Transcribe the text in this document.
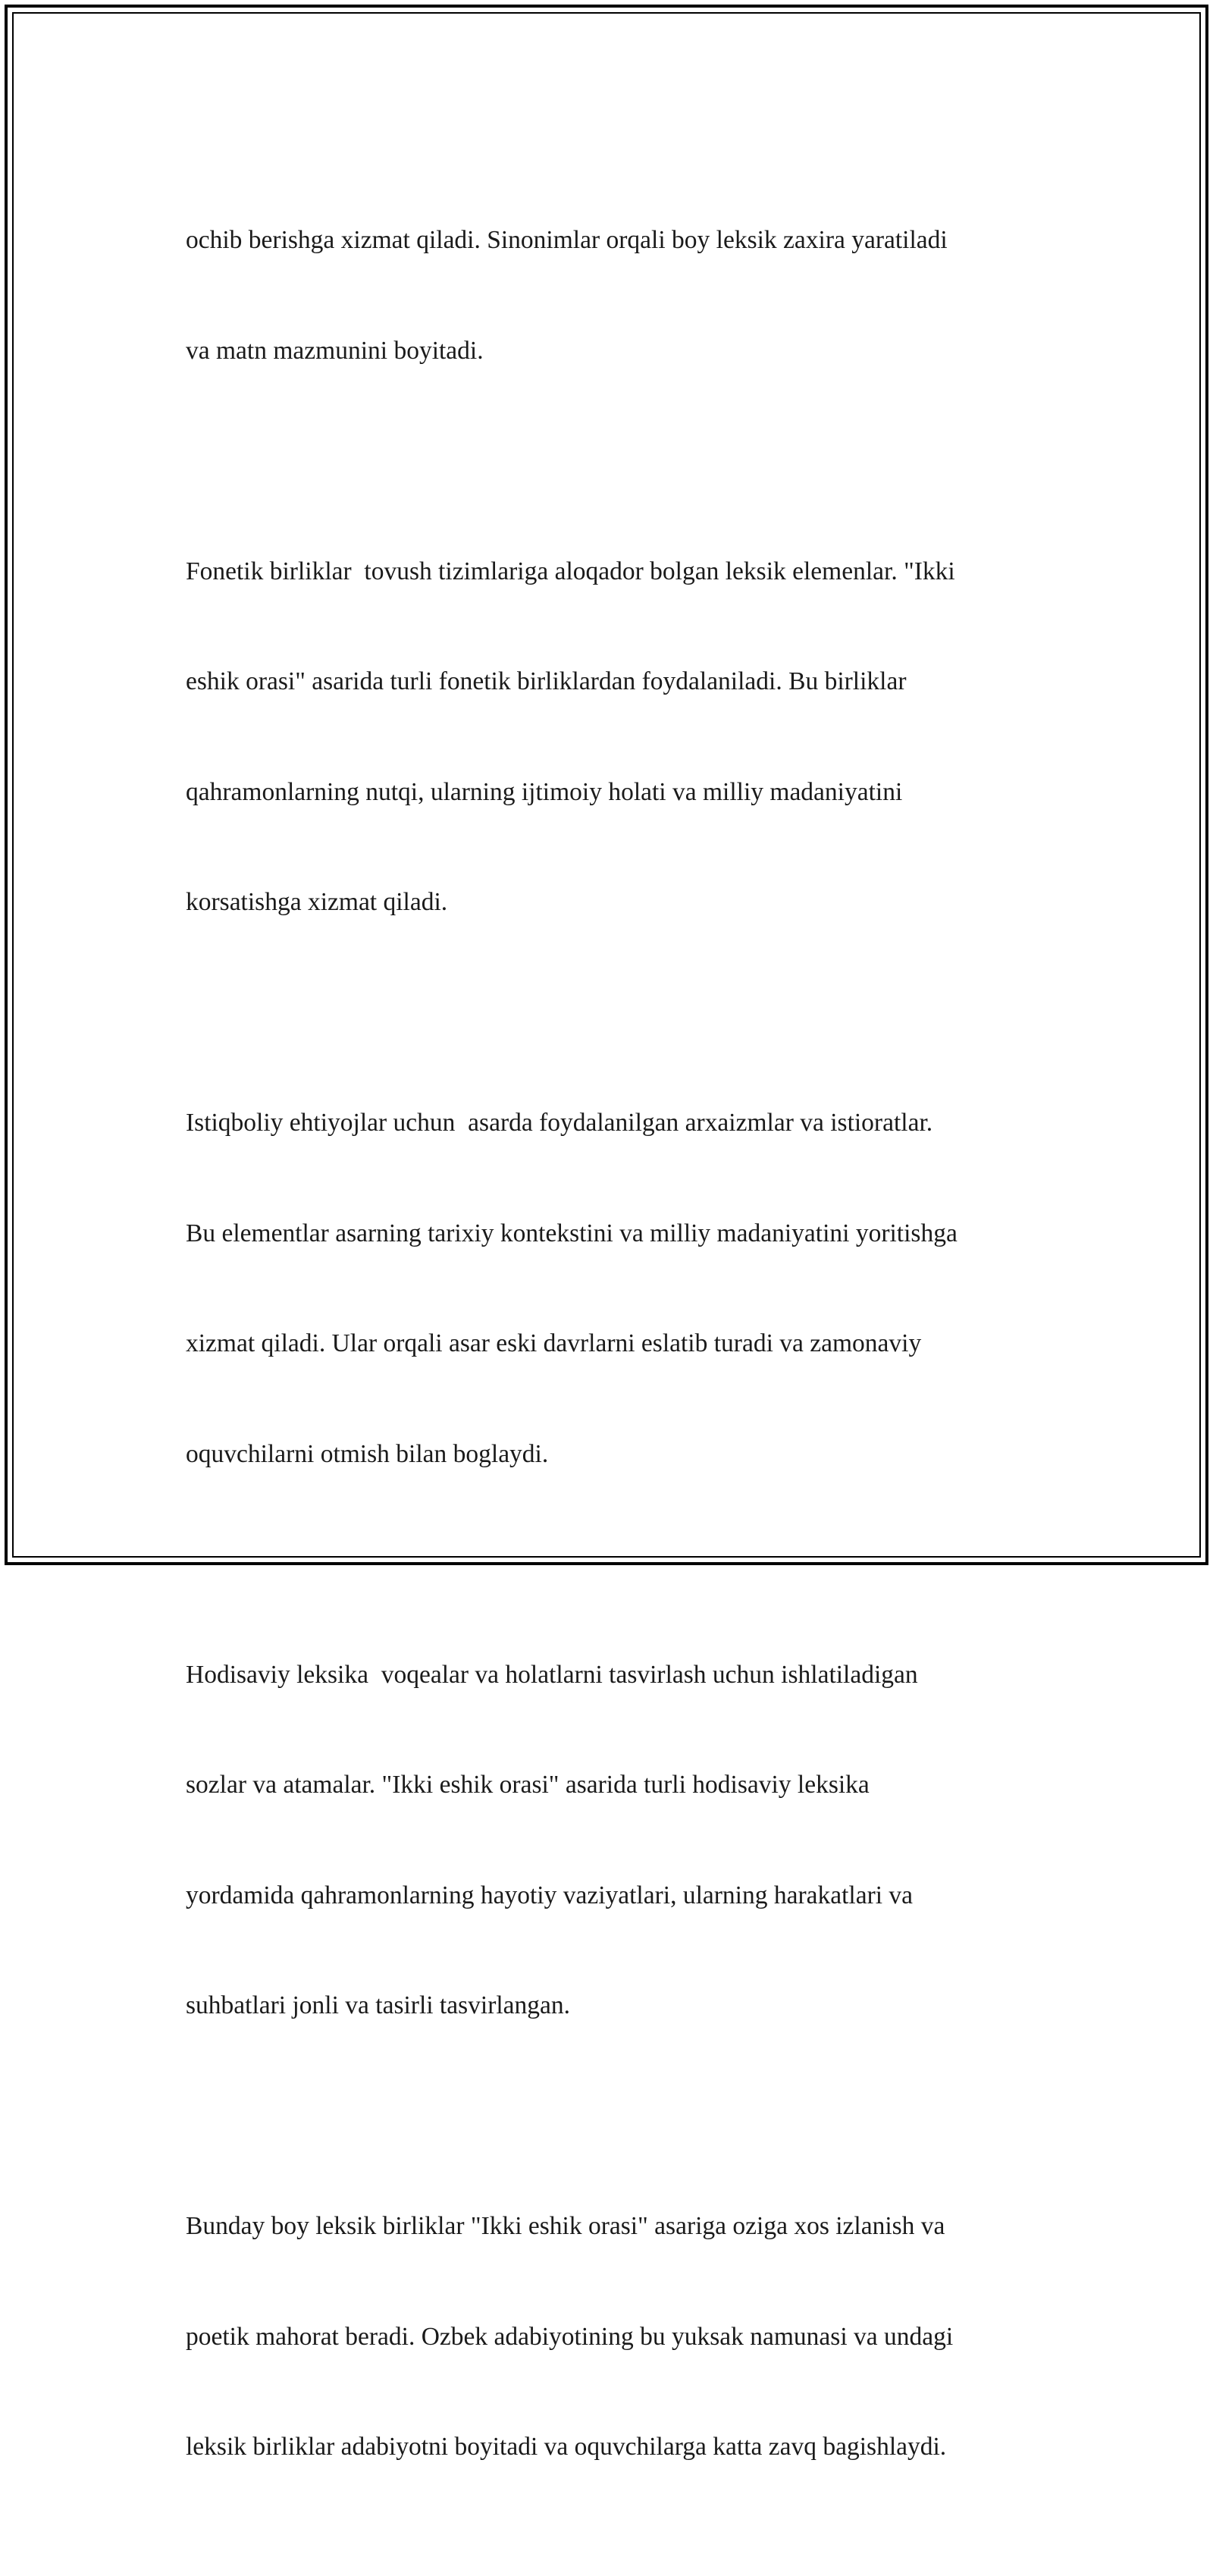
ochib berishga xizmat qiladi. Sinonimlar orqali boy leksik zaxira yaratiladi

va matn mazmunini boyitadi.

Fonetik birliklar  tovush tizimlariga aloqador bolgan leksik elemenlar. "Ikki

eshik orasi" asarida turli fonetik birliklardan foydalaniladi. Bu birliklar

qahramonlarning nutqi, ularning ijtimoiy holati va milliy madaniyatini

korsatishga xizmat qiladi.

Istiqboliy ehtiyojlar uchun  asarda foydalanilgan arxaizmlar va istioratlar.

Bu elementlar asarning tarixiy kontekstini va milliy madaniyatini yoritishga

xizmat qiladi. Ular orqali asar eski davrlarni eslatib turadi va zamonaviy

oquvchilarni otmish bilan boglaydi.

Hodisaviy leksika  voqealar va holatlarni tasvirlash uchun ishlatiladigan

sozlar va atamalar. "Ikki eshik orasi" asarida turli hodisaviy leksika

yordamida qahramonlarning hayotiy vaziyatlari, ularning harakatlari va

suhbatlari jonli va tasirli tasvirlangan.

Bunday boy leksik birliklar "Ikki eshik orasi" asariga oziga xos izlanish va

poetik mahorat beradi. Ozbek adabiyotining bu yuksak namunasi va undagi

leksik birliklar adabiyotni boyitadi va oquvchilarga katta zavq bagishlaydi.
